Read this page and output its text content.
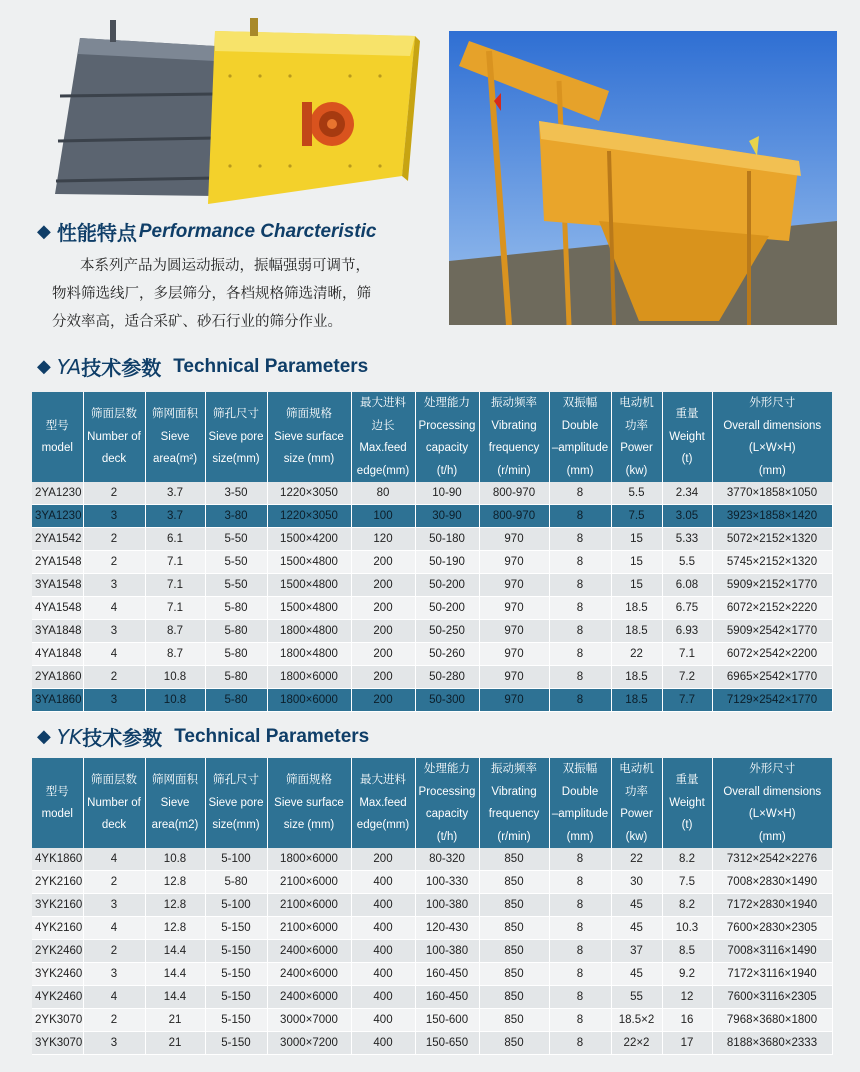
◆ 性能特点 Performance Charcteristic

本系列产品为圆运动振动，振幅强弱可调节，

物料筛选线厂，多层筛分，各档规格筛选清晰，筛

分效率高，适合采矿、砂石行业的筛分作业。

◆ YA 技术参数 Technical Parameters
型号
model	筛面层数
Number of
deck	筛网面积
Sieve
area(m²)	筛孔尺寸
Sieve pore
size(mm)	筛面规格
Sieve surface
size (mm)	最大进料
边长
Max.feed
edge(mm)	处理能力
Processing
capacity
(t/h)	振动频率
Vibrating
frequency
(r/min)	双振幅
Double
–amplitude
(mm)	电动机
功率
Power
(kw)	重量
Weight
(t)	外形尺寸
Overall dimensions
(L×W×H)
(mm)

2YA1230	2	3.7	3-50	1220×3050	80	10-90	800-970	8	5.5	2.34	3770×1858×1050
3YA1230	3	3.7	3-80	1220×3050	100	30-90	800-970	8	7.5	3.05	3923×1858×1420
2YA1542	2	6.1	5-50	1500×4200	120	50-180	970	8	15	5.33	5072×2152×1320
2YA1548	2	7.1	5-50	1500×4800	200	50-190	970	8	15	5.5	5745×2152×1320
3YA1548	3	7.1	5-50	1500×4800	200	50-200	970	8	15	6.08	5909×2152×1770
4YA1548	4	7.1	5-80	1500×4800	200	50-200	970	8	18.5	6.75	6072×2152×2220
3YA1848	3	8.7	5-80	1800×4800	200	50-250	970	8	18.5	6.93	5909×2542×1770
4YA1848	4	8.7	5-80	1800×4800	200	50-260	970	8	22	7.1	6072×2542×2200
2YA1860	2	10.8	5-80	1800×6000	200	50-280	970	8	18.5	7.2	6965×2542×1770
3YA1860	3	10.8	5-80	1800×6000	200	50-300	970	8	18.5	7.7	7129×2542×1770
◆ YK 技术参数 Technical Parameters
型号
model	筛面层数
Number of
deck	筛网面积
Sieve
area(m2)	筛孔尺寸
Sieve pore
size(mm)	筛面规格
Sieve surface
size (mm)	最大进料
Max.feed
edge(mm)	处理能力
Processing
capacity
(t/h)	振动频率
Vibrating
frequency
(r/min)	双振幅
Double
–amplitude
(mm)	电动机
功率
Power
(kw)	重量
Weight
(t)	外形尺寸
Overall dimensions
(L×W×H)
(mm)

4YK1860	4	10.8	5-100	1800×6000	200	80-320	850	8	22	8.2	7312×2542×2276
2YK2160	2	12.8	5-80	2100×6000	400	100-330	850	8	30	7.5	7008×2830×1490
3YK2160	3	12.8	5-100	2100×6000	400	100-380	850	8	45	8.2	7172×2830×1940
4YK2160	4	12.8	5-150	2100×6000	400	120-430	850	8	45	10.3	7600×2830×2305
2YK2460	2	14.4	5-150	2400×6000	400	100-380	850	8	37	8.5	7008×3116×1490
3YK2460	3	14.4	5-150	2400×6000	400	160-450	850	8	45	9.2	7172×3116×1940
4YK2460	4	14.4	5-150	2400×6000	400	160-450	850	8	55	12	7600×3116×2305
2YK3070	2	21	5-150	3000×7000	400	150-600	850	8	18.5×2	16	7968×3680×1800
3YK3070	3	21	5-150	3000×7200	400	150-650	850	8	22×2	17	8188×3680×2333
